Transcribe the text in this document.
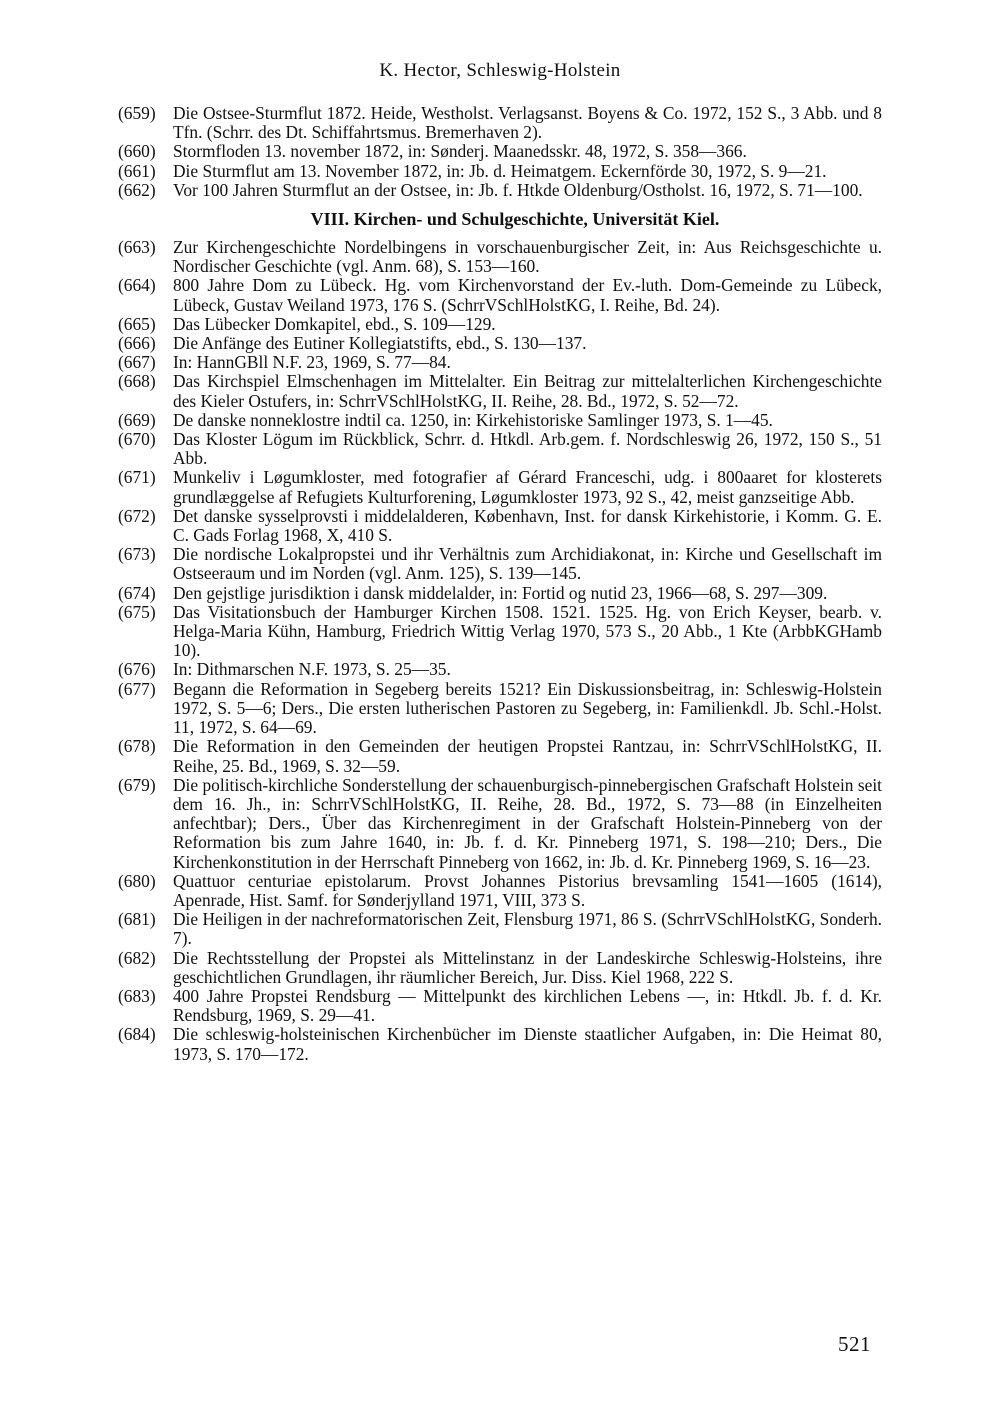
K. Hector, Schleswig-Holstein

(659) Die Ostsee-Sturmflut 1872. Heide, Westholst. Verlagsanst. Boyens & Co. 1972, 152 S., 3 Abb. und 8 Tfn. (Schrr. des Dt. Schiffahrtsmus. Bremerhaven 2).

(660) Stormfloden 13. november 1872, in: Sønderj. Maanedsskr. 48, 1972, S. 358—366.

(661) Die Sturmflut am 13. November 1872, in: Jb. d. Heimatgem. Eckernförde 30, 1972, S. 9—21.

(662) Vor 100 Jahren Sturmflut an der Ostsee, in: Jb. f. Htkde Oldenburg/Ostholst. 16, 1972, S. 71—100.

VIII. Kirchen- und Schulgeschichte, Universität Kiel.

(663) Zur Kirchengeschichte Nordelbingens in vorschauenburgischer Zeit, in: Aus Reichsgeschichte u. Nordischer Geschichte (vgl. Anm. 68), S. 153—160.

(664) 800 Jahre Dom zu Lübeck. Hg. vom Kirchenvorstand der Ev.-luth. Dom-Gemeinde zu Lübeck, Lübeck, Gustav Weiland 1973, 176 S. (SchrrVSchlHolstKG, I. Reihe, Bd. 24).

(665) Das Lübecker Domkapitel, ebd., S. 109—129.

(666) Die Anfänge des Eutiner Kollegiatstifts, ebd., S. 130—137.

(667) In: HannGBll N.F. 23, 1969, S. 77—84.

(668) Das Kirchspiel Elmschenhagen im Mittelalter. Ein Beitrag zur mittelalterlichen Kirchengeschichte des Kieler Ostufers, in: SchrrVSchlHolstKG, II. Reihe, 28. Bd., 1972, S. 52—72.

(669) De danske nonneklostre indtil ca. 1250, in: Kirkehistoriske Samlinger 1973, S. 1—45.

(670) Das Kloster Lögum im Rückblick, Schrr. d. Htkdl. Arb.gem. f. Nordschleswig 26, 1972, 150 S., 51 Abb.

(671) Munkeliv i Løgumkloster, med fotografier af Gérard Franceschi, udg. i 800aaret for klosterets grundlæggelse af Refugiets Kulturforening, Løgumkloster 1973, 92 S., 42, meist ganzseitige Abb.

(672) Det danske sysselprovsti i middelalderen, København, Inst. for dansk Kirkehistorie, i Komm. G. E. C. Gads Forlag 1968, X, 410 S.

(673) Die nordische Lokalpropstei und ihr Verhältnis zum Archidiakonat, in: Kirche und Gesellschaft im Ostseeraum und im Norden (vgl. Anm. 125), S. 139—145.

(674) Den gejstlige jurisdiktion i dansk middelalder, in: Fortid og nutid 23, 1966—68, S. 297—309.

(675) Das Visitationsbuch der Hamburger Kirchen 1508. 1521. 1525. Hg. von Erich Keyser, bearb. v. Helga-Maria Kühn, Hamburg, Friedrich Wittig Verlag 1970, 573 S., 20 Abb., 1 Kte (ArbbKGHamb 10).

(676) In: Dithmarschen N.F. 1973, S. 25—35.

(677) Begann die Reformation in Segeberg bereits 1521? Ein Diskussionsbeitrag, in: Schleswig-Holstein 1972, S. 5—6; Ders., Die ersten lutherischen Pastoren zu Segeberg, in: Familienkdl. Jb. Schl.-Holst. 11, 1972, S. 64—69.

(678) Die Reformation in den Gemeinden der heutigen Propstei Rantzau, in: SchrrVSchlHolstKG, II. Reihe, 25. Bd., 1969, S. 32—59.

(679) Die politisch-kirchliche Sonderstellung der schauenburgisch-pinnebergischen Grafschaft Holstein seit dem 16. Jh., in: SchrrVSchlHolstKG, II. Reihe, 28. Bd., 1972, S. 73—88 (in Einzelheiten anfechtbar); Ders., Über das Kirchenregiment in der Grafschaft Holstein-Pinneberg von der Reformation bis zum Jahre 1640, in: Jb. f. d. Kr. Pinneberg 1971, S. 198—210; Ders., Die Kirchenkonstitution in der Herrschaft Pinneberg von 1662, in: Jb. d. Kr. Pinneberg 1969, S. 16—23.

(680) Quattuor centuriae epistolarum. Provst Johannes Pistorius brevsamling 1541—1605 (1614), Apenrade, Hist. Samf. for Sønderjylland 1971, VIII, 373 S.

(681) Die Heiligen in der nachreformatorischen Zeit, Flensburg 1971, 86 S. (SchrrVSchlHolstKG, Sonderh. 7).

(682) Die Rechtsstellung der Propstei als Mittelinstanz in der Landeskirche Schleswig-Holsteins, ihre geschichtlichen Grundlagen, ihr räumlicher Bereich, Jur. Diss. Kiel 1968, 222 S.

(683) 400 Jahre Propstei Rendsburg — Mittelpunkt des kirchlichen Lebens —, in: Htkdl. Jb. f. d. Kr. Rendsburg, 1969, S. 29—41.

(684) Die schleswig-holsteinischen Kirchenbücher im Dienste staatlicher Aufgaben, in: Die Heimat 80, 1973, S. 170—172.

521
